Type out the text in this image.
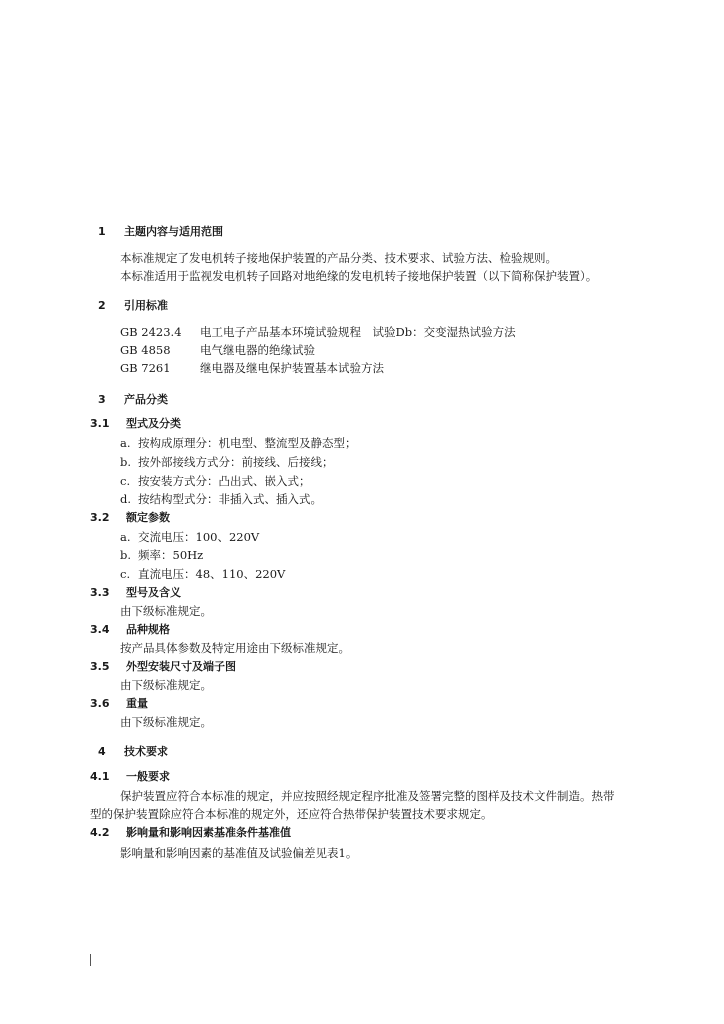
1 主题内容与适用范围
本标准规定了发电机转子接地保护装置的产品分类、技术要求、试验方法、检验规则。
本标准适用于监视发电机转子回路对地绝缘的发电机转子接地保护装置（以下简称保护装置）。
2 引用标准
GB 2423.4 电工电子产品基本环境试验规程　试验Db：交变湿热试验方法
GB 4858	电气继电器的绝缘试验
GB 7261	继电器及继电保护装置基本试验方法
3 产品分类
3.1 型式及分类
a. 按构成原理分：机电型、整流型及静态型；
b. 按外部接线方式分：前接线、后接线；
c. 按安装方式分：凸出式、嵌入式；
d. 按结构型式分：非插入式、插入式。
3.2 额定参数
a. 交流电压：100、220V
b. 频率：50Hz
c. 直流电压：48、110、220V
3.3 型号及含义
由下级标准规定。
3.4 品种规格
按产品具体参数及特定用途由下级标准规定。
3.5 外型安装尺寸及端子图
由下级标准规定。
3.6 重量
由下级标准规定。
4 技术要求
4.1 一般要求
保护装置应符合本标准的规定，并应按照经规定程序批准及签署完整的图样及技术文件制造。热带
型的保护装置除应符合本标准的规定外，还应符合热带保护装置技术要求规定。
4.2 影响量和影响因素基准条件基准值
影响量和影响因素的基准值及试验偏差见表1。
